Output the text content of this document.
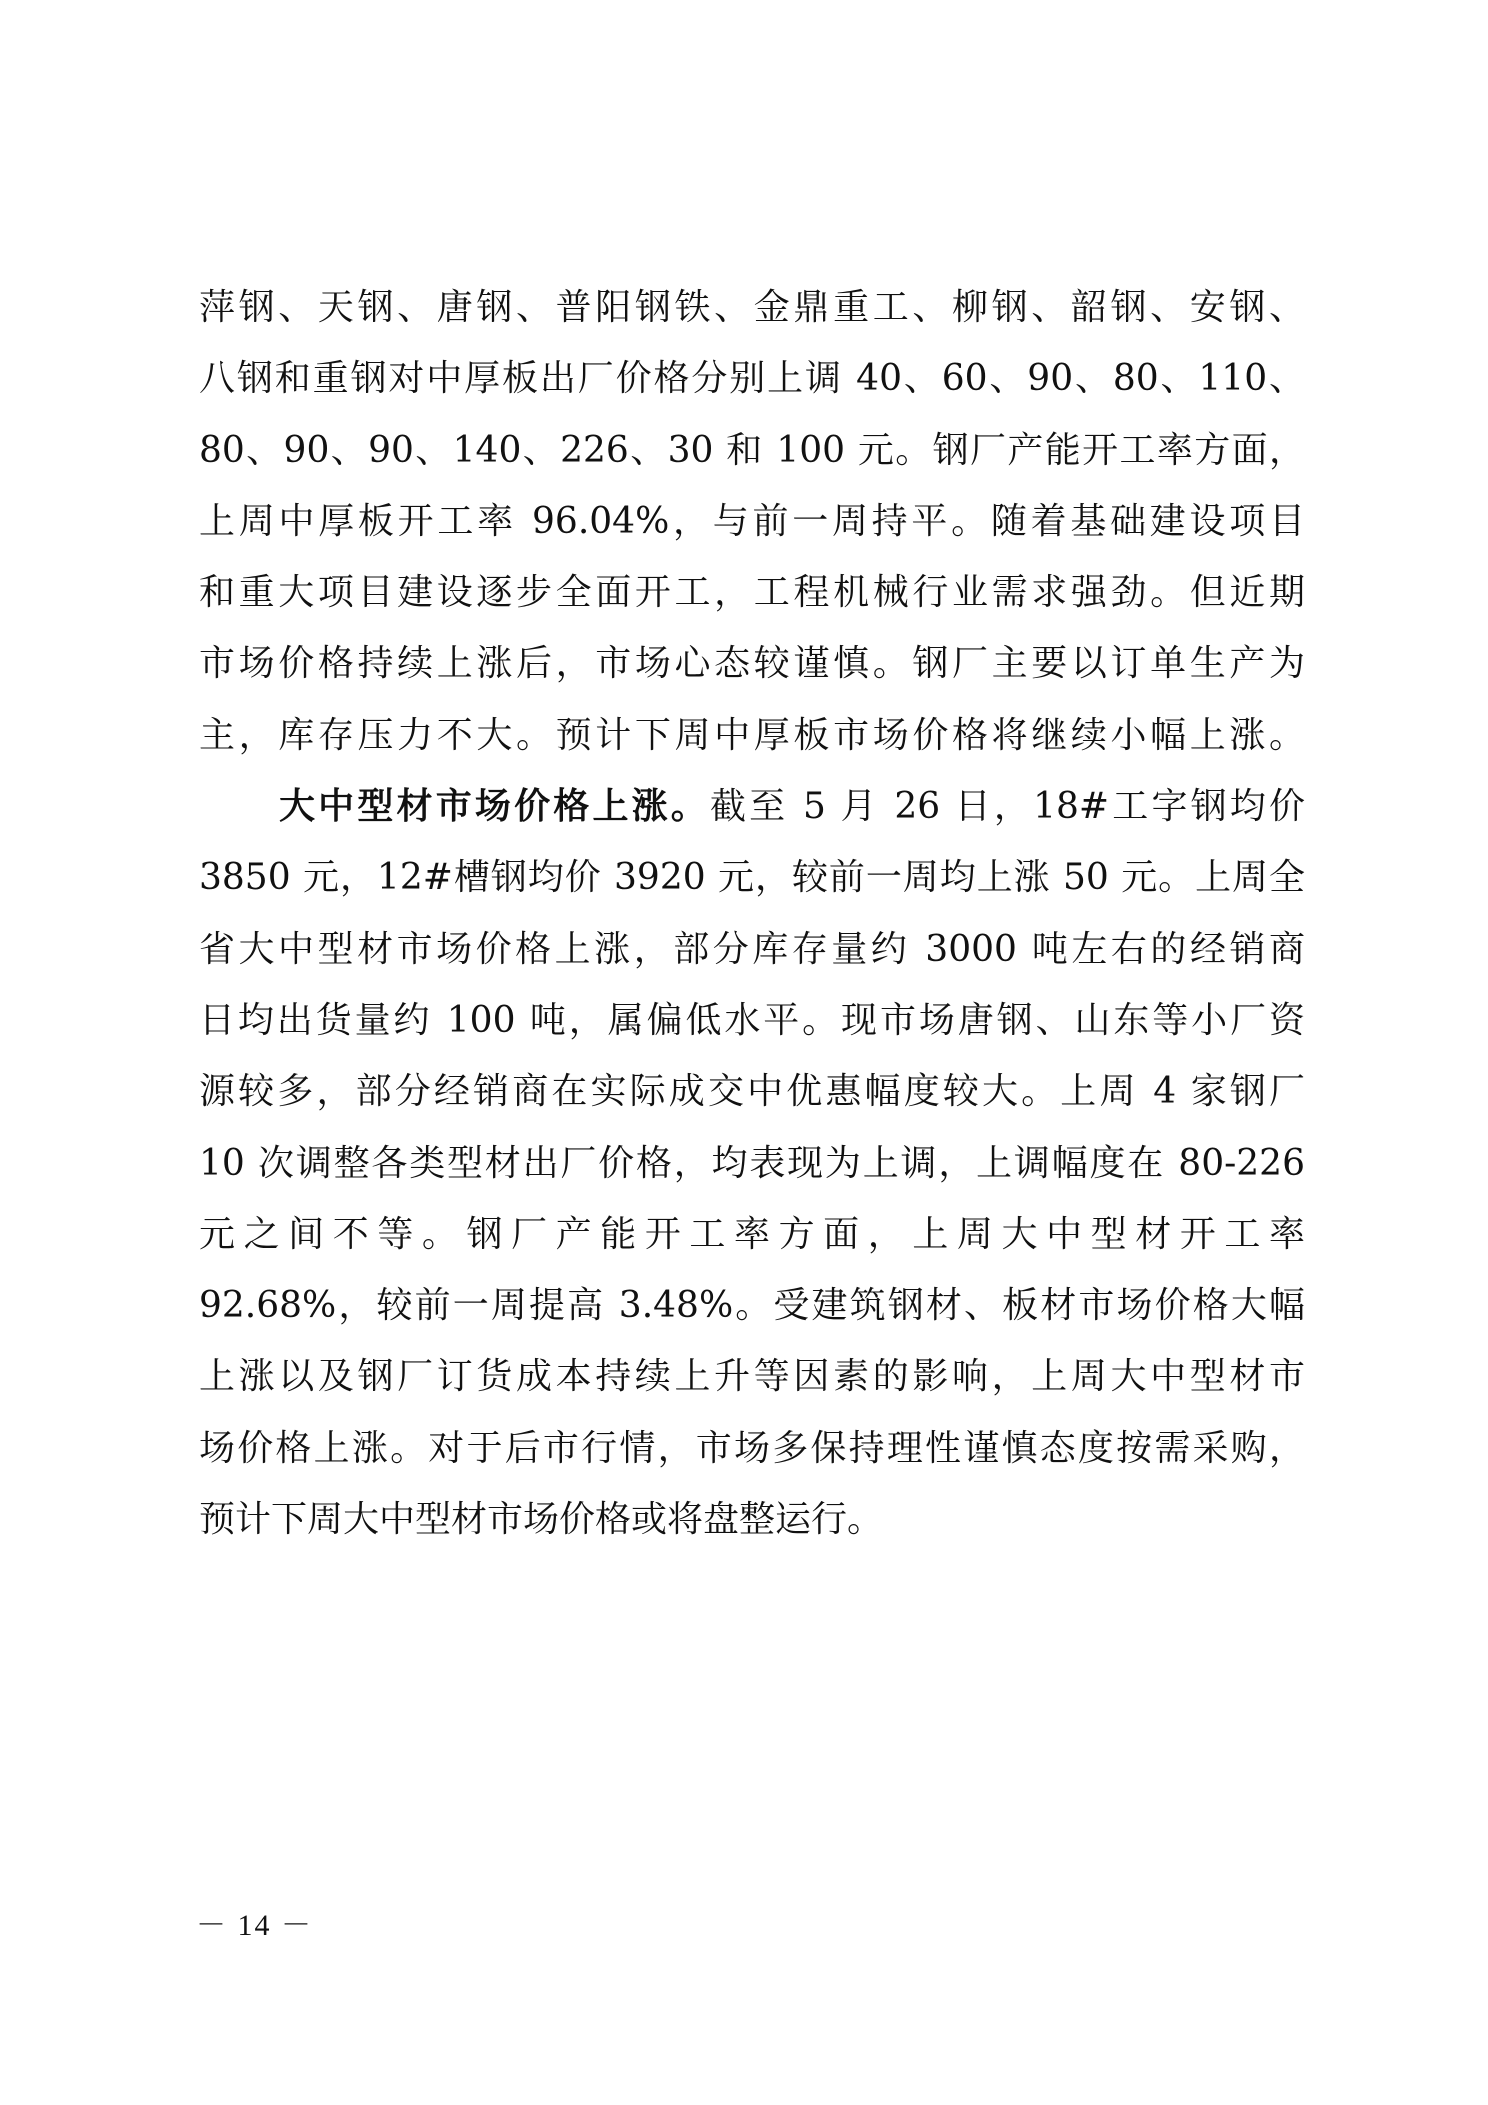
萍钢、天钢、唐钢、普阳钢铁、金鼎重工、柳钢、韶钢、安钢、
八钢和重钢对中厚板出厂价格分别上调 40、60、90、80、110、
80、90、90、140、226、30 和 100 元。钢厂产能开工率方面，
上周中厚板开工率 96.04%，与前一周持平。随着基础建设项目
和重大项目建设逐步全面开工，工程机械行业需求强劲。但近期
市场价格持续上涨后，市场心态较谨慎。钢厂主要以订单生产为
主，库存压力不大。预计下周中厚板市场价格将继续小幅上涨。
大中型材市场价格上涨。截至 5 月 26 日，18#工字钢均价
3850 元，12#槽钢均价 3920 元，较前一周均上涨 50 元。上周全
省大中型材市场价格上涨，部分库存量约 3000 吨左右的经销商
日均出货量约 100 吨，属偏低水平。现市场唐钢、山东等小厂资
源较多，部分经销商在实际成交中优惠幅度较大。上周 4 家钢厂
10 次调整各类型材出厂价格，均表现为上调，上调幅度在 80-226
元之间不等。钢厂产能开工率方面，上周大中型材开工率
92.68%，较前一周提高 3.48%。受建筑钢材、板材市场价格大幅
上涨以及钢厂订货成本持续上升等因素的影响，上周大中型材市
场价格上涨。对于后市行情，市场多保持理性谨慎态度按需采购，
预计下周大中型材市场价格或将盘整运行。
－ 14 －
